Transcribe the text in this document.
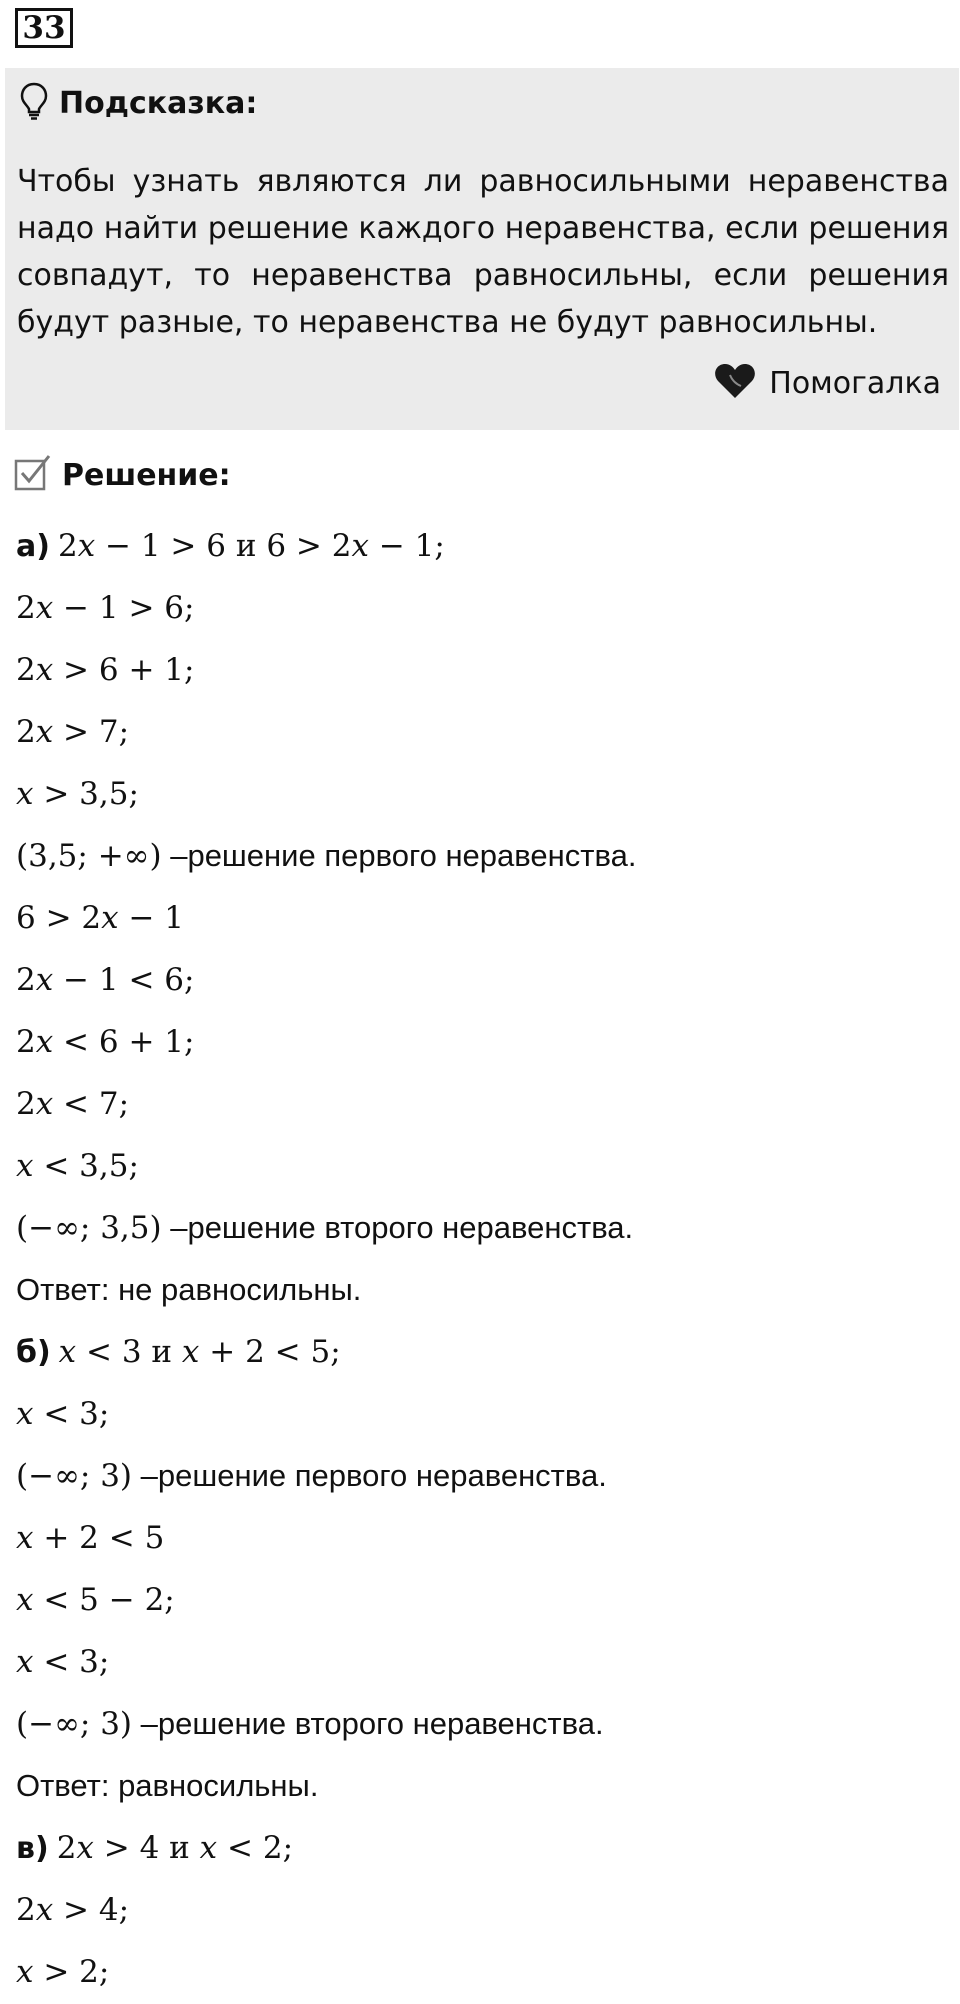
33
Подсказка:
Чтобы узнать являются ли равносильными неравенства надо найти решение каждого неравенства, если решения совпадут, то неравенства равносильны, если решения будут разные, то неравенства не будут равносильны.
Помогалка
Решение:
а) 2𝑥 − 1 > 6 и 6 > 2𝑥 − 1;
2𝑥 − 1 > 6;
2𝑥 > 6 + 1;
2𝑥 > 7;
𝑥 > 3,5;
(3,5; +∞) –решение первого неравенства.
6 > 2𝑥 − 1
2𝑥 − 1 < 6;
2𝑥 < 6 + 1;
2𝑥 < 7;
𝑥 < 3,5;
(−∞; 3,5) –решение второго неравенства.
Ответ: не равносильны.
б) 𝑥 < 3 и 𝑥 + 2 < 5;
𝑥 < 3;
(−∞; 3) –решение первого неравенства.
𝑥 + 2 < 5
𝑥 < 5 − 2;
𝑥 < 3;
(−∞; 3) –решение второго неравенства.
Ответ: равносильны.
в) 2𝑥 > 4 и 𝑥 < 2;
2𝑥 > 4;
𝑥 > 2;
